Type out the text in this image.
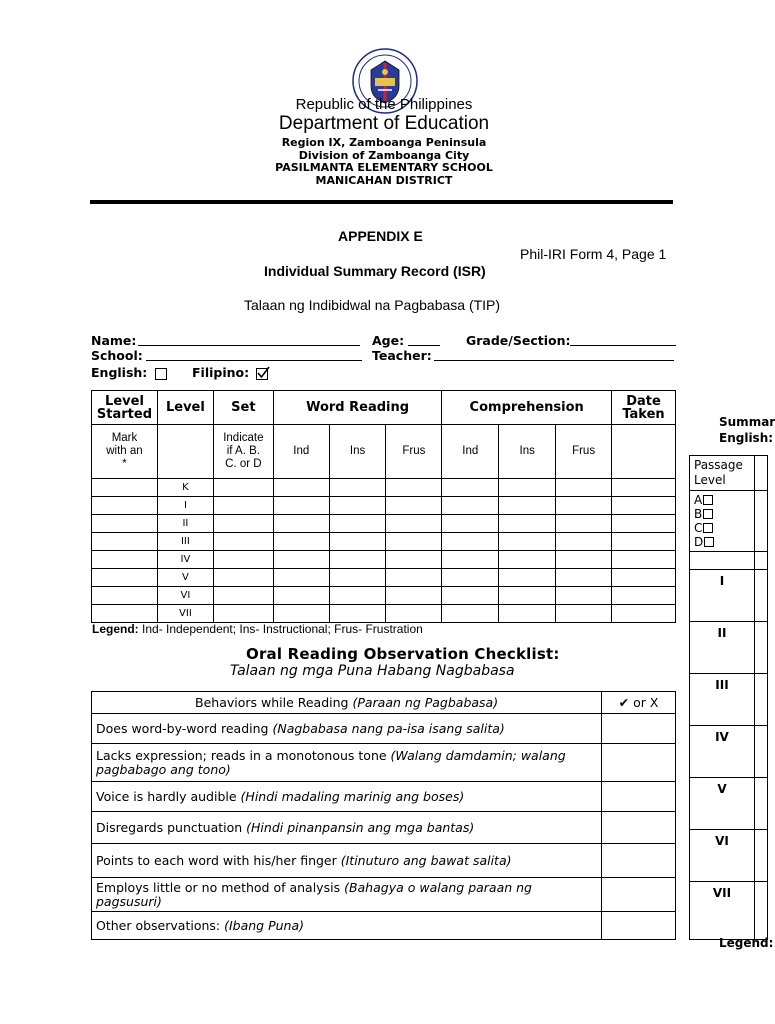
Republic of the Philippines
Department of Education
Region IX, Zamboanga Peninsula
Division of Zamboanga City
PASILMANTA ELEMENTARY SCHOOL
MANICAHAN DISTRICT
APPENDIX E
Phil-IRI Form 4, Page 1
Individual Summary Record (ISR)
Talaan ng Indibidwal na Pagbabasa (TIP)
Name:	Age:	Grade/Section:
School:	Teacher:
English:	Filipino:
Level Started	Level	Set	Word Reading			Comprehension			Date Taken
Mark with an *		Indicate if A. B. C. or D	Ind	Ins	Frus	Ind	Ins	Frus	
	K								
	I								
	II								
	III								
	IV								
	V								
	VI								
	VII								
Legend: Ind- Independent; Ins- Instructional; Frus- Frustration
Oral Reading Observation Checklist:
Talaan ng mga Puna Habang Nagbabasa
Behaviors while Reading (Paraan ng Pagbabasa)	✔ or X
Does word-by-word reading (Nagbabasa nang pa-isa isang salita)	
Lacks expression; reads in a monotonous tone (Walang damdamin; walang pagbabago ang tono)	
Voice is hardly audible (Hindi madaling marinig ang boses)	
Disregards punctuation (Hindi pinanpansin ang mga bantas)	
Points to each word with his/her finger (Itinuturo ang bawat salita)	
Employs little or no method of analysis (Bahagya o walang paraan ng pagsusuri)	
Other observations: (Ibang Puna)	
Summar
English:
Passage Level	

A
B
C
D	

I	
II	
III	
IV	
V	
VI	
VII	
Legend:
